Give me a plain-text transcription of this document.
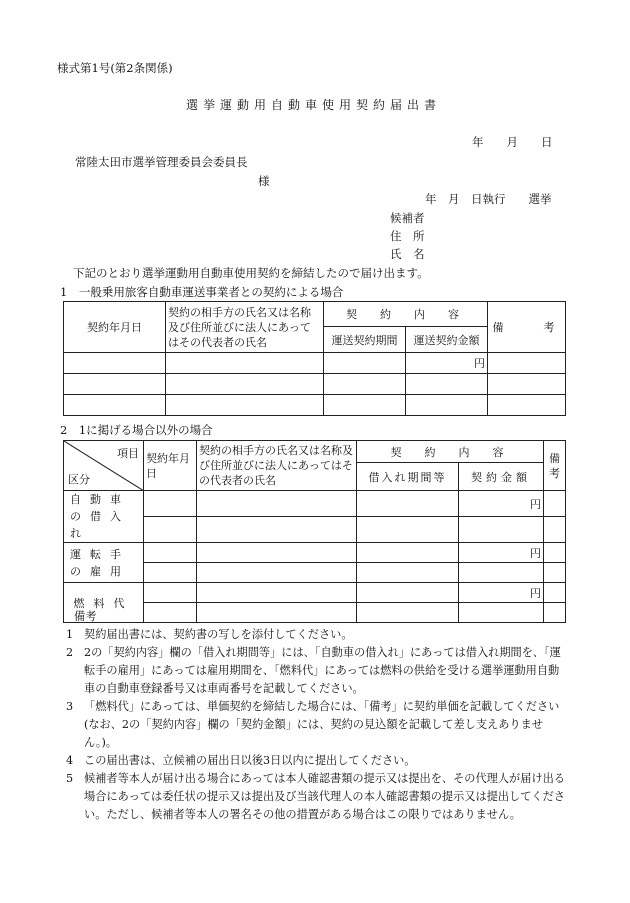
様式第1号(第2条関係)
選挙運動用自動車使用契約届出書
年　　月　　日
常陸太田市選挙管理委員会委員長
様
年　月　日執行　　選挙
候補者
住　所
氏　名
下記のとおり選挙運動用自動車使用契約を締結したので届け出ます。
1　一般乗用旅客自動車運送事業者との契約による場合
契約年月日	契約の相手方の氏名又は名称及び住所並びに法人にあってはその代表者の氏名	契　約　内　容		備　　考
		運送契約期間	運送契約金額	
			円	

2　1に掲げる場合以外の場合
項目
区分	契約年月日	契約の相手方の氏名又は名称及び住所並びに法人にあってはその代表者の氏名	契　約　内　容		備考
			借入れ期間等	契約金額	
自動車の借入れ				円	

運転手の雇用				円	

燃料代				円	

備考
1 契約届出書には、契約書の写しを添付してください。
2 2の「契約内容」欄の「借入れ期間等」には、「自動車の借入れ」にあっては借入れ期間を、「運転手の雇用」にあっては雇用期間を、「燃料代」にあっては燃料の供給を受ける選挙運動用自動車の自動車登録番号又は車両番号を記載してください。
3 「燃料代」にあっては、単価契約を締結した場合には、「備考」に契約単価を記載してください(なお、2の「契約内容」欄の「契約金額」には、契約の見込額を記載して差し支えありません。)。
4 この届出書は、立候補の届出日以後3日以内に提出してください。
5 候補者等本人が届け出る場合にあっては本人確認書類の提示又は提出を、その代理人が届け出る場合にあっては委任状の提示又は提出及び当該代理人の本人確認書類の提示又は提出してください。ただし、候補者等本人の署名その他の措置がある場合はこの限りではありません。
